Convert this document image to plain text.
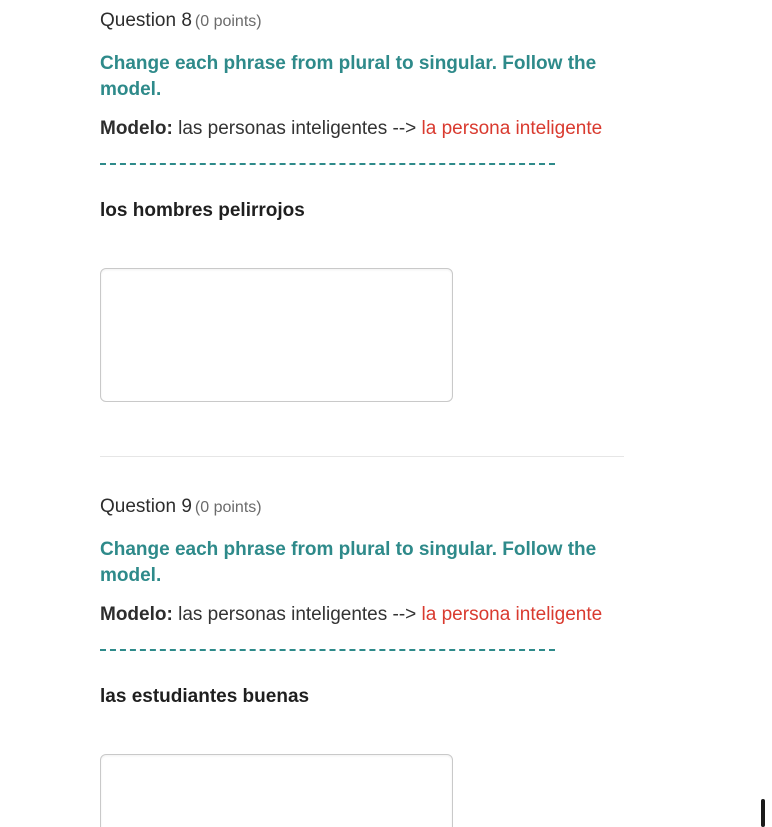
Question 8 (0 points)
Change each phrase from plural to singular. Follow the model.
Modelo: las personas inteligentes --> la persona inteligente
los hombres pelirrojos
Question 9 (0 points)
Change each phrase from plural to singular. Follow the model.
Modelo: las personas inteligentes --> la persona inteligente
las estudiantes buenas
